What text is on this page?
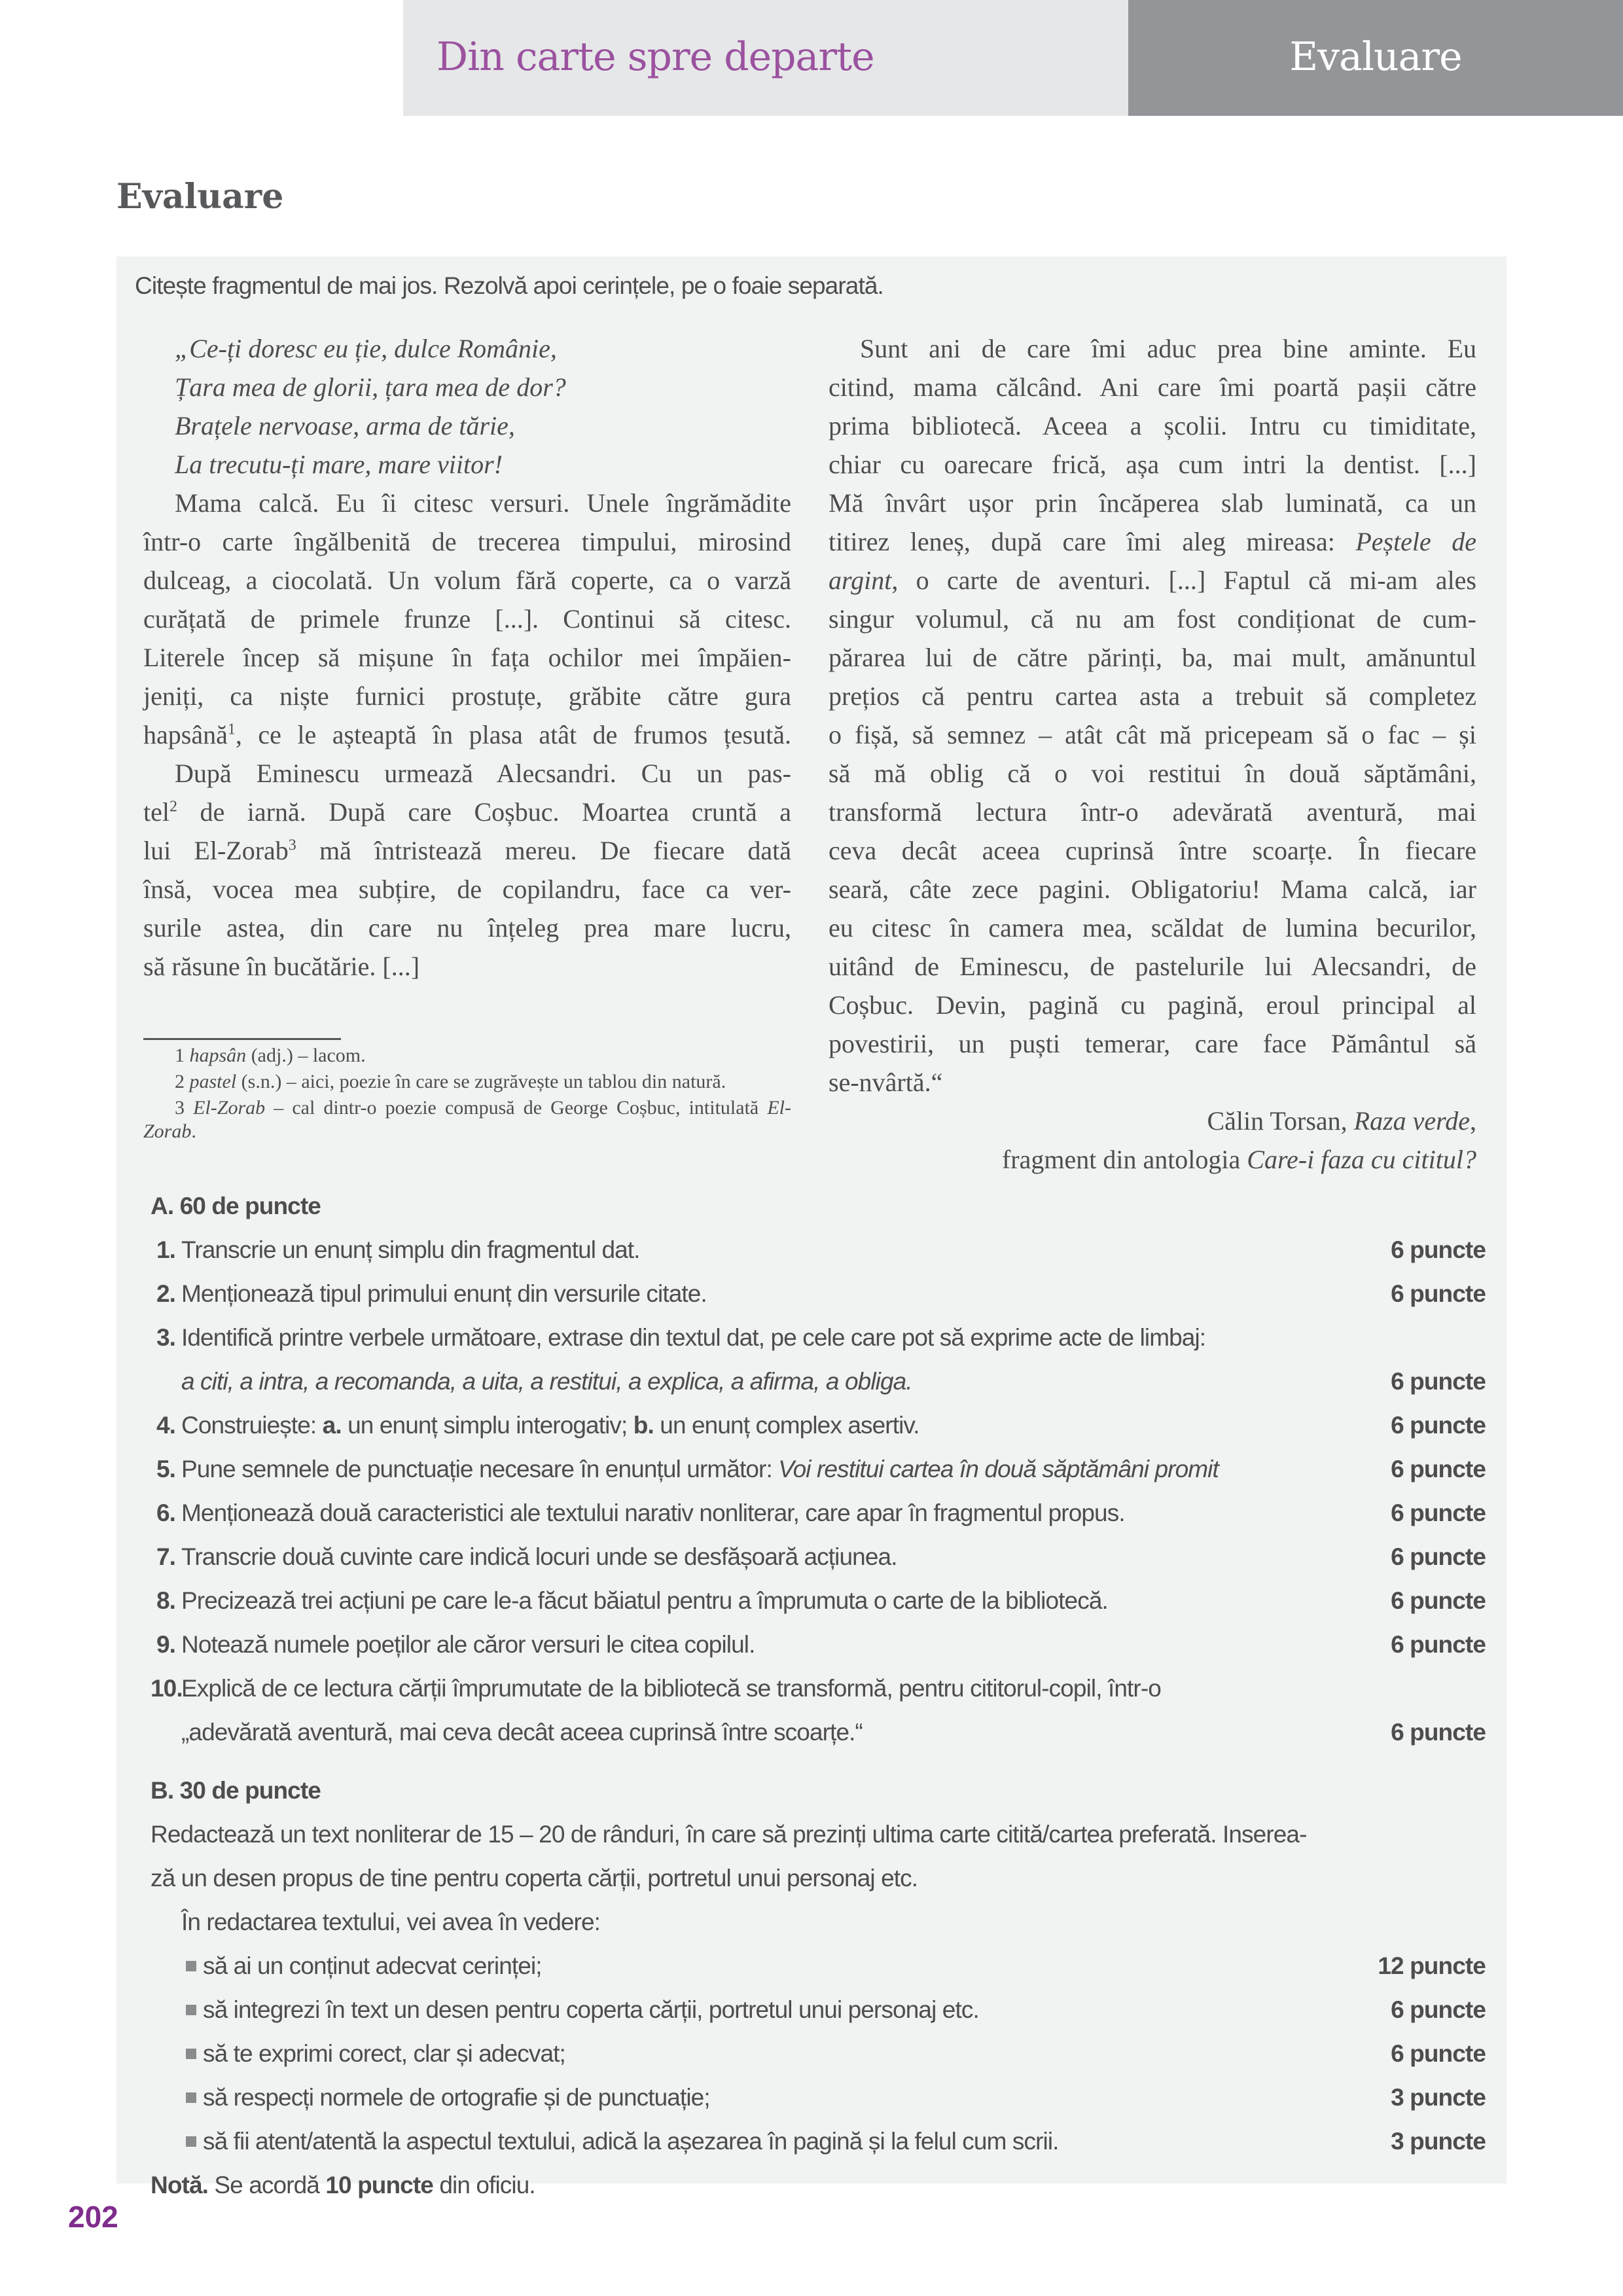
Din carte spre departe	Evaluare
Evaluare
Citește fragmentul de mai jos. Rezolvă apoi cerințele, pe o foaie separată.
„Ce-ți doresc eu ție, dulce Românie,
Țara mea de glorii, țara mea de dor?
Brațele nervoase, arma de tărie,
La trecutu-ți mare, mare viitor!
Mama calcă. Eu îi citesc versuri. Unele îngrămădite
într-o carte îngălbenită de trecerea timpului, mirosind
dulceag, a ciocolată. Un volum fără coperte, ca o varză
curățată de primele frunze [...]. Continui să citesc.
Literele încep să mișune în fața ochilor mei împăien-
jeniți, ca niște furnici prostuțe, grăbite către gura
hapsână$^1$, ce le așteaptă în plasa atât de frumos țesută.
După Eminescu urmează Alecsandri. Cu un pas-
tel$^2$ de iarnă. După care Coșbuc. Moartea cruntă a
lui El-Zorab$^3$ mă întristează mereu. De fiecare dată
însă, vocea mea subțire, de copilandru, face ca ver-
surile astea, din care nu înțeleg prea mare lucru,
să răsune în bucătărie. [...]
Sunt ani de care îmi aduc prea bine aminte. Eu
citind, mama călcând. Ani care îmi poartă pașii către
prima bibliotecă. Aceea a școlii. Intru cu timiditate,
chiar cu oarecare frică, așa cum intri la dentist. [...]
Mă învârt ușor prin încăperea slab luminată, ca un
titirez leneș, după care îmi aleg mireasa: Peștele de
argint, o carte de aventuri. [...] Faptul că mi-am ales
singur volumul, că nu am fost condiționat de cum-
părarea lui de către părinți, ba, mai mult, amănuntul
prețios că pentru cartea asta a trebuit să completez
o fișă, să semnez – atât cât mă pricepeam să o fac – și
să mă oblig că o voi restitui în două săptămâni,
transformă lectura într-o adevărată aventură, mai
ceva decât aceea cuprinsă între scoarțe. În fiecare
seară, câte zece pagini. Obligatoriu! Mama calcă, iar
eu citesc în camera mea, scăldat de lumina becurilor,
uitând de Eminescu, de pastelurile lui Alecsandri, de
Coșbuc. Devin, pagină cu pagină, eroul principal al
povestirii, un puști temerar, care face Pământul să
se-nvârtă.“
Călin Torsan, Raza verde,
fragment din antologia Care-i faza cu cititul?
1 hapsân (adj.) – lacom.
2 pastel (s.n.) – aici, poezie în care se zugrăvește un tablou din natură.
3 El-Zorab – cal dintr-o poezie compusă de George Coșbuc, intitulată El-Zorab.
A. 60 de puncte
1. Transcrie un enunț simplu din fragmentul dat.	6 puncte
2. Menționează tipul primului enunț din versurile citate.	6 puncte
3. Identifică printre verbele următoare, extrase din textul dat, pe cele care pot să exprime acte de limbaj:
a citi, a intra, a recomanda, a uita, a restitui, a explica, a afirma, a obliga.	6 puncte
4. Construiește: a. un enunț simplu interogativ; b. un enunț complex asertiv.	6 puncte
5. Pune semnele de punctuație necesare în enunțul următor: Voi restitui cartea în două săptămâni promit	6 puncte
6. Menționează două caracteristici ale textului narativ nonliterar, care apar în fragmentul propus.	6 puncte
7. Transcrie două cuvinte care indică locuri unde se desfășoară acțiunea.	6 puncte
8. Precizează trei acțiuni pe care le-a făcut băiatul pentru a împrumuta o carte de la bibliotecă.	6 puncte
9. Notează numele poeților ale căror versuri le citea copilul.	6 puncte
10.
Explică de ce lectura cărții împrumutate de la bibliotecă se transformă, pentru cititorul-copil, într-o
„adevărată aventură, mai ceva decât aceea cuprinsă între scoarțe.“	6 puncte
B. 30 de puncte
Redactează un text nonliterar de 15 – 20 de rânduri, în care să prezinți ultima carte citită/cartea preferată. Inserea-
ză un desen propus de tine pentru coperta cărții, portretul unui personaj etc.
În redactarea textului, vei avea în vedere:
să ai un conținut adecvat cerinței;	12 puncte
să integrezi în text un desen pentru coperta cărții, portretul unui personaj etc.	6 puncte
să te exprimi corect, clar și adecvat;	6 puncte
să respecți normele de ortografie și de punctuație;	3 puncte
să fii atent/atentă la aspectul textului, adică la așezarea în pagină și la felul cum scrii.	3 puncte
Notă. Se acordă 10 puncte din oficiu.
202
